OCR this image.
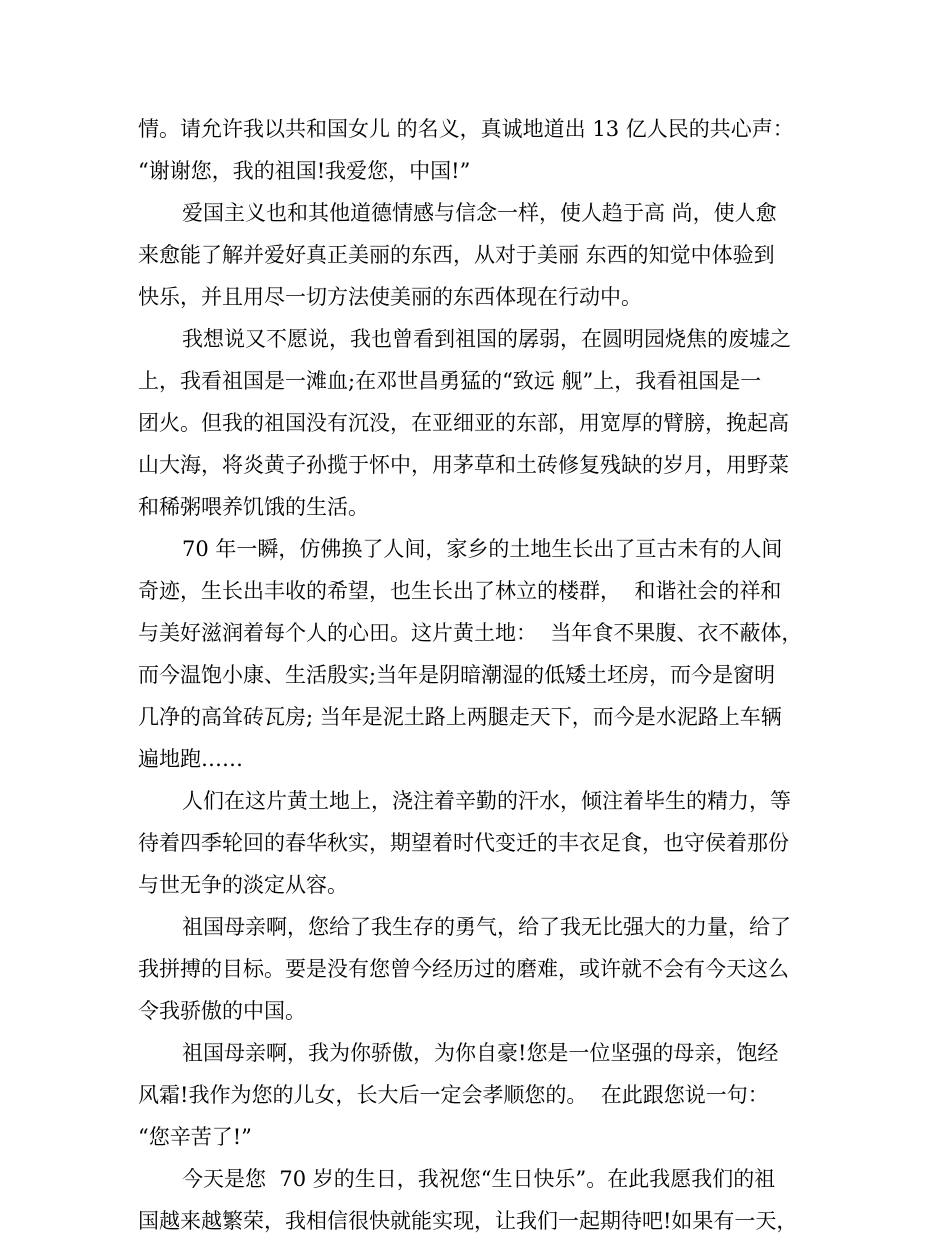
情。请允许我以共和国女儿 的名义，真诚地道出 13 亿人民的共心声：
“谢谢您，我的祖国!我爱您，中国!”
爱国主义也和其他道德情感与信念一样，使人趋于高 尚，使人愈
来愈能了解并爱好真正美丽的东西，从对于美丽 东西的知觉中体验到
快乐，并且用尽一切方法使美丽的东西体现在行动中。
我想说又不愿说，我也曾看到祖国的孱弱，在圆明园烧焦的废墟之
上，我看祖国是一滩血;在邓世昌勇猛的“致远 舰”上，我看祖国是一
团火。但我的祖国没有沉没，在亚细亚的东部，用宽厚的臂膀，挽起高
山大海，将炎黄子孙揽于怀中，用茅草和土砖修复残缺的岁月，用野菜
和稀粥喂养饥饿的生活。
70 年一瞬，仿佛换了人间，家乡的土地生长出了亘古未有的人间
奇迹，生长出丰收的希望，也生长出了林立的楼群，  和谐社会的祥和
与美好滋润着每个人的心田。这片黄土地：  当年食不果腹、衣不蔽体，
而今温饱小康、生活殷实;当年是阴暗潮湿的低矮土坯房，而今是窗明
几净的高耸砖瓦房; 当年是泥土路上两腿走天下，而今是水泥路上车辆
遍地跑……
人们在这片黄土地上，浇注着辛勤的汗水，倾注着毕生的精力，等
待着四季轮回的春华秋实，期望着时代变迁的丰衣足食，也守侯着那份
与世无争的淡定从容。
祖国母亲啊，您给了我生存的勇气，给了我无比强大的力量，给了
我拼搏的目标。要是没有您曾今经历过的磨难，或许就不会有今天这么
令我骄傲的中国。
祖国母亲啊，我为你骄傲，为你自豪!您是一位坚强的母亲，饱经
风霜!我作为您的儿女，长大后一定会孝顺您的。  在此跟您说一句：
“您辛苦了!”
今天是您  70 岁的生日，我祝您“生日快乐”。在此我愿我们的祖
国越来越繁荣，我相信很快就能实现，让我们一起期待吧!如果有一天，
